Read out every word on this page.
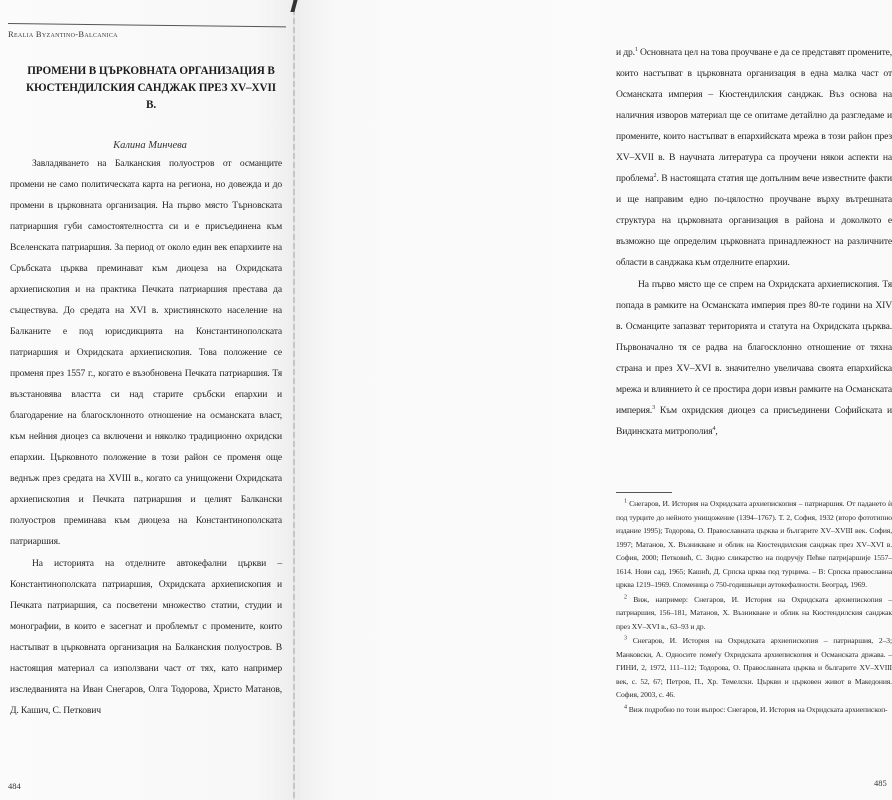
Realia Byzantino-Balcanica
ПРОМЕНИ В ЦЪРКОВНАТА ОРГАНИЗАЦИЯ В
КЮСТЕНДИЛСКИЯ САНДЖАК ПРЕЗ XV–XVII В.
Калина Минчева

Завладяването на Балканския полуостров от османците промени не само политическата карта на региона, но довежда и до промени в църковната организация. На първо място Търновската патриаршия губи самостоятелността си и е присъединена към Вселенската патриаршия. За период от около един век епархиите на Сръбската църква преминават към диоцеза на Охридската архиепископия и на практика Печката патриаршия престава да съществува. До средата на XVI в. християнското население на Балканите е под юрисдикцията на Константинополската патриаршия и Охридската архиепископия. Това положение се променя през 1557 г., когато е възобновена Печката патриаршия. Тя възстановява властта си над старите сръбски епархии и благодарение на благосклонното отношение на османската власт, към нейния диоцез са включени и няколко традиционно охридски епархии. Църковното положение в този район се променя още веднъж през средата на XVIII в., когато са унищожени Охридската архиепископия и Печката патриаршия и целият Балкански полуостров преминава към диоцеза на Константинополската патриаршия.

На историята на отделните автокефални църкви – Константинополската патриаршия, Охридската архиепископия и Печката патриаршия, са посветени множество статии, студии и монографии, в които е засегнат и проблемът с промените, които настъпват в църковната организация на Балканския полуостров. В настоящия материал са използвани част от тях, като например изследванията на Иван Снегаров, Олга Тодорова, Христо Матанов, Д. Кашич, С. Петкович

484

и др.$^1$ Основната цел на това проучване е да се представят промените, които настъпват в църковната организация в една малка част от Османската империя – Кюстендилския санджак. Въз основа на наличния изворов материал ще се опитаме детайлно да разгледаме и промените, които настъпват в епархийската мрежа в този район през XV–XVII в. В научната литература са проучени някои аспекти на проблема$^2$. В настоящата статия ще допълним вече известните факти и ще направим едно по-цялостно проучване върху вътрешната структура на църковната организация в района и доколкото е възможно ще определим църковната принадлежност на различните области в санджака към отделните епархии.

На първо място ще се спрем на Охридската архиепископия. Тя попада в рамките на Османската империя през 80-те години на XIV в. Османците запазват територията и статута на Охридската църква. Първоначално тя се радва на благосклонно отношение от тяхна страна и през XV–XVI в. значително увеличава своята епархийска мрежа и влиянието ѝ се простира дори извън рамките на Османската империя.$^3$ Към охридския диоцез са присъединени Софийската и Видинската митрополия$^4$,

$^1$ Снегаров, И. История на Охридската архиепископия – патриаршия. От падането ѝ под турците до нейното унищожение (1394–1767). Т. 2, София, 1932 (второ фототипно издание 1995); Тодорова, О. Православната църква и българите XV–XVIII век. София, 1997; Матанов, Х. Възникване и облик на Кюстендилския санджак през XV–XVI в. София, 2000; Петковић, С. Зидно сликарство на подручју Пећке патријаршије 1557–1614. Нови сад, 1965; Кашић, Д. Српска црква под турцима. – В: Српска православна црква 1219–1969. Споменица о 750-годишњици аутокефалности. Београд, 1969.

$^2$ Виж, например: Снегаров, И. История на Охридската архиепископия – патриаршия, 156–181, Матанов, Х. Възникване и облик на Кюстендилския санджак през XV–XVI в., 63–93 и др.

$^3$ Снегаров, И. История на Охридската архиепископия – патриаршия, 2–3; Манковски, А. Односите помеѓу Охридската архиепископия и Османската држава. – ГИНИ, 2, 1972, 111–112; Тодорова, О. Православната църква и българите XV–XVIII век, с. 52, 67; Петров, П., Хр. Темелски. Църкви и църковен живот в Македония. София, 2003, с. 46.

$^4$ Виж подробно по този въпрос: Снегаров, И. История на Охридската архиепископ-

485
